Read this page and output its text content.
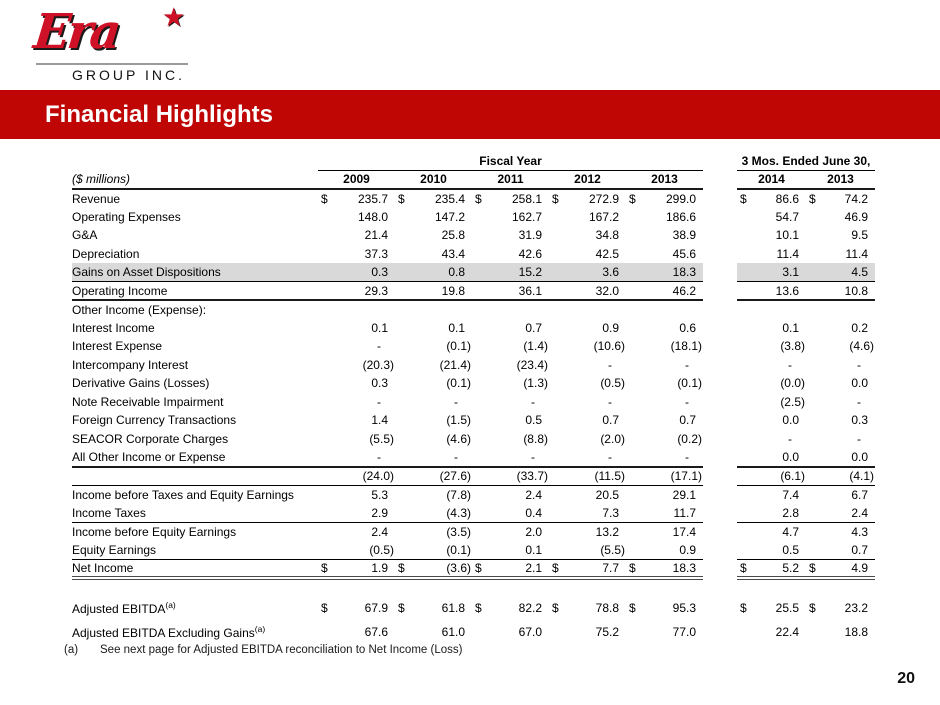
Era ★
GROUP INC.
Financial Highlights
	Fiscal Year						3 Mos. Ended June 30,	
($ millions)	2009	2010	2011	2012	2013		2014	2013
Revenue	$ 235.7	$ 235.4	$ 258.1	$ 272.9	$ 299.0		$ 86.6	$ 74.2

Operating Expenses	148.0	147.2	162.7	167.2	186.6		54.7	46.9

G&A	21.4	25.8	31.9	34.8	38.9		10.1	9.5

Depreciation	37.3	43.4	42.6	42.5	45.6		11.4	11.4

Gains on Asset Dispositions	0.3	0.8	15.2	3.6	18.3		3.1	4.5

Operating Income	29.3	19.8	36.1	32.0	46.2		13.6	10.8

Other Income (Expense):	

Interest Income	0.1	0.1	0.7	0.9	0.6		0.1	0.2

Interest Expense	-	(0.1)	(1.4)	(10.6)	(18.1)		(3.8)	(4.6)

Intercompany Interest	(20.3)	(21.4)	(23.4)	-	-		-	-

Derivative Gains (Losses)	0.3	(0.1)	(1.3)	(0.5)	(0.1)		(0.0)	0.0

Note Receivable Impairment	-	-	-	-	-		(2.5)	-

Foreign Currency Transactions	1.4	(1.5)	0.5	0.7	0.7		0.0	0.3

SEACOR Corporate Charges	(5.5)	(4.6)	(8.8)	(2.0)	(0.2)		-	-

All Other Income or Expense	-	-	-	-	-		0.0	0.0

	(24.0)	(27.6)	(33.7)	(11.5)	(17.1)		(6.1)	(4.1)

Income before Taxes and Equity Earnings	5.3	(7.8)	2.4	20.5	29.1		7.4	6.7

Income Taxes	2.9	(4.3)	0.4	7.3	11.7		2.8	2.4

Income before Equity Earnings	2.4	(3.5)	2.0	13.2	17.4		4.7	4.3

Equity Earnings	(0.5)	(0.1)	0.1	(5.5)	0.9		0.5	0.7

Net Income	$ 1.9	$ (3.6)	$ 2.1	$ 7.7	$ 18.3		$ 5.2	$ 4.9

Adjusted EBITDA$^{(a)}$	$ 67.9	$ 61.8	$ 82.2	$ 78.8	$ 95.3		$ 25.5	$ 23.2

Adjusted EBITDA Excluding Gains$^{(a)}$	67.6	61.0	67.0	75.2	77.0		22.4	18.8
(a) See next page for Adjusted EBITDA reconciliation to Net Income (Loss)
20
